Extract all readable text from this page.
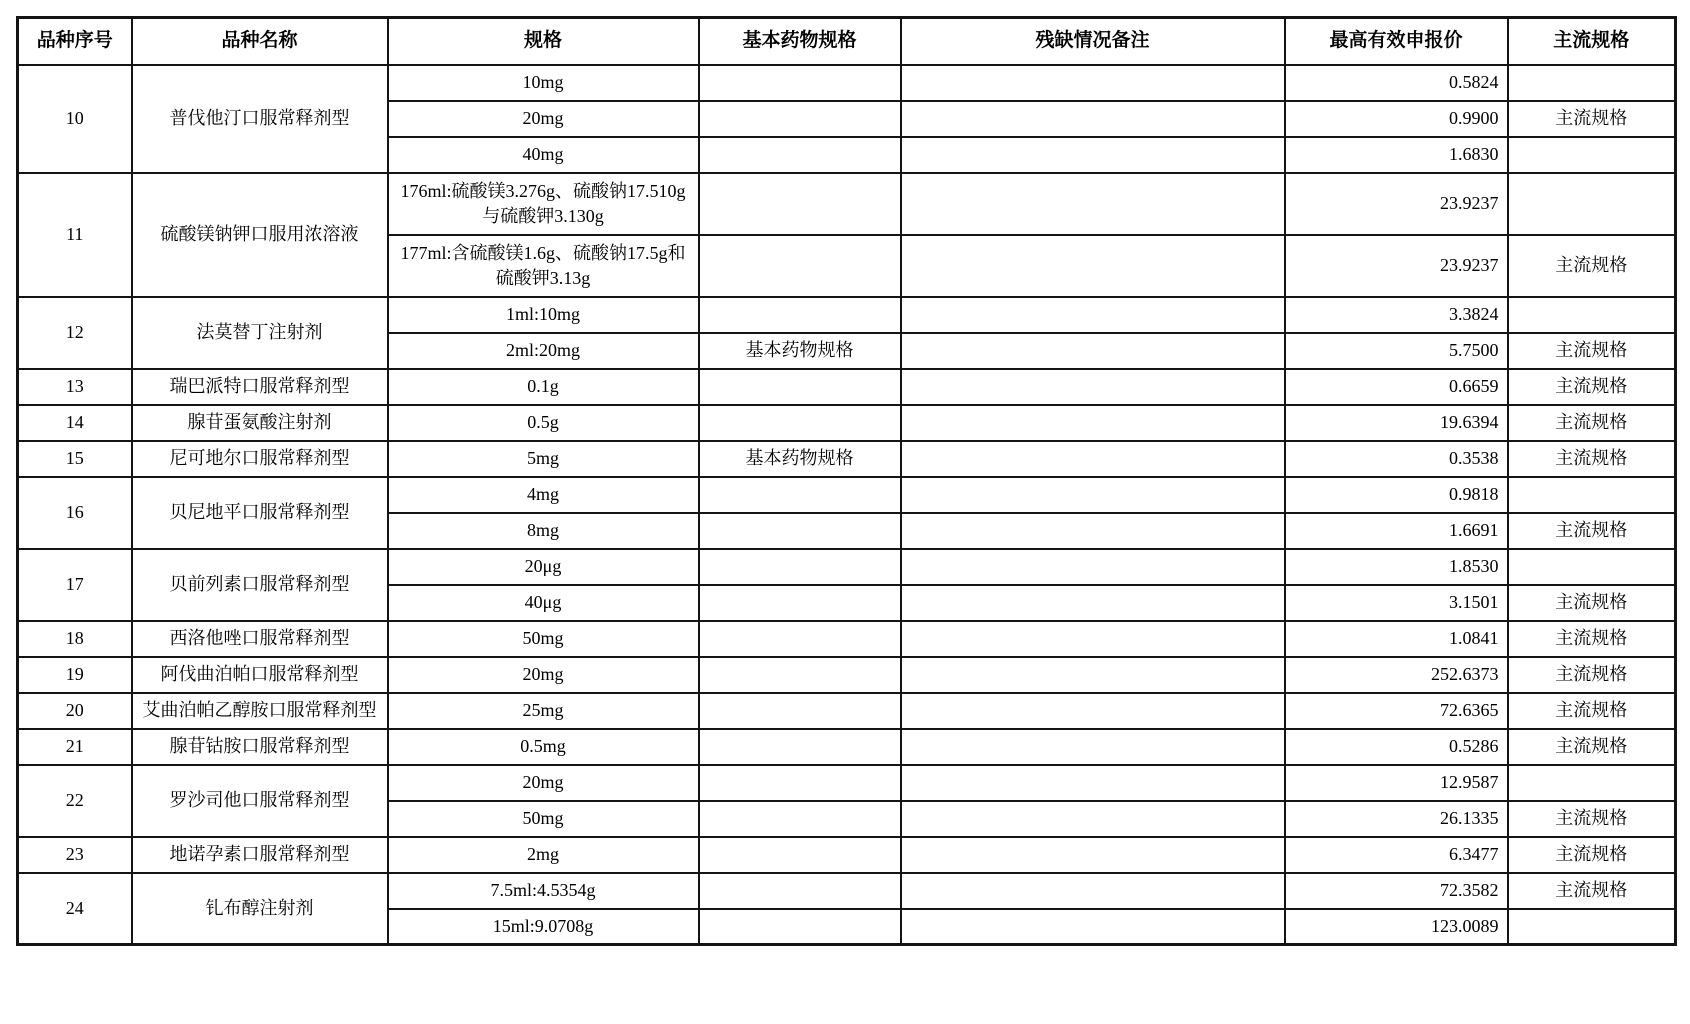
品种序号	品种名称	规格	基本药物规格	残缺情况备注	最高有效申报价	主流规格
10	普伐他汀口服常释剂型	10mg			0.5824	
		20mg			0.9900	主流规格
		40mg			1.6830	
11	硫酸镁钠钾口服用浓溶液	176ml:硫酸镁3.276g、硫酸钠17.510g与硫酸钾3.130g			23.9237	
		177ml:含硫酸镁1.6g、硫酸钠17.5g和硫酸钾3.13g			23.9237	主流规格
12	法莫替丁注射剂	1ml:10mg			3.3824	
		2ml:20mg	基本药物规格		5.7500	主流规格
13	瑞巴派特口服常释剂型	0.1g			0.6659	主流规格
14	腺苷蛋氨酸注射剂	0.5g			19.6394	主流规格
15	尼可地尔口服常释剂型	5mg	基本药物规格		0.3538	主流规格
16	贝尼地平口服常释剂型	4mg			0.9818	
		8mg			1.6691	主流规格
17	贝前列素口服常释剂型	20μg			1.8530	
		40μg			3.1501	主流规格
18	西洛他唑口服常释剂型	50mg			1.0841	主流规格
19	阿伐曲泊帕口服常释剂型	20mg			252.6373	主流规格
20	艾曲泊帕乙醇胺口服常释剂型	25mg			72.6365	主流规格
21	腺苷钴胺口服常释剂型	0.5mg			0.5286	主流规格
22	罗沙司他口服常释剂型	20mg			12.9587	
		50mg			26.1335	主流规格
23	地诺孕素口服常释剂型	2mg			6.3477	主流规格
24	钆布醇注射剂	7.5ml:4.5354g			72.3582	主流规格
		15ml:9.0708g			123.0089	
